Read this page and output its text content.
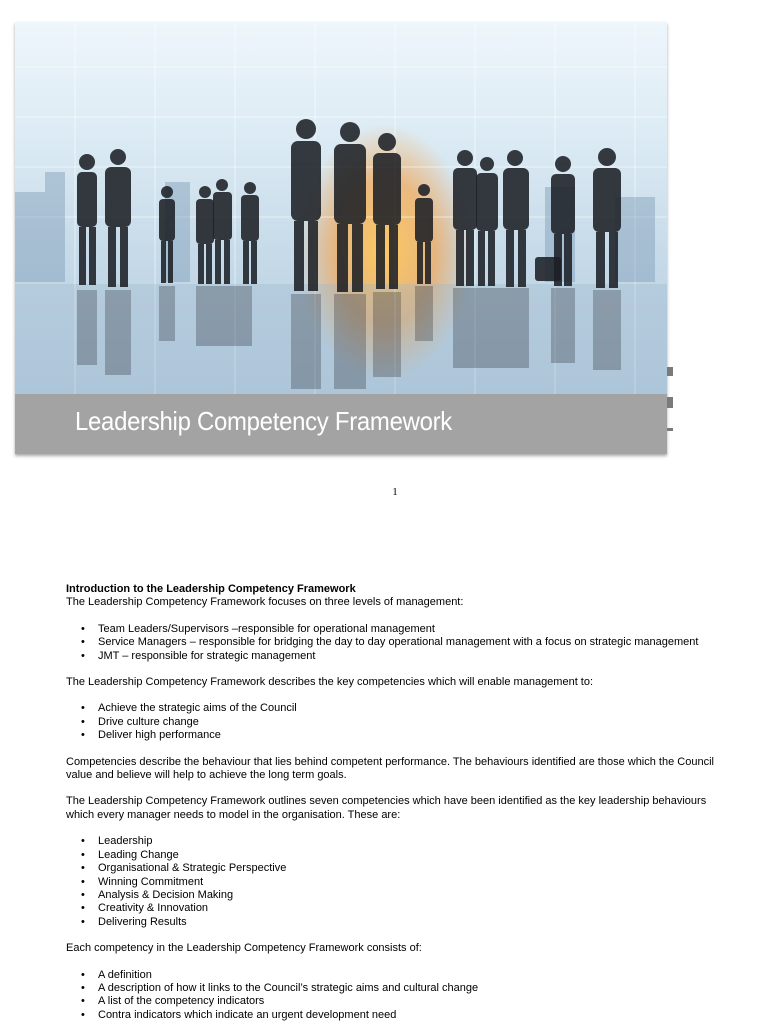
Leadership Competency Framework
1

Introduction to the Leadership Competency Framework

The Leadership Competency Framework focuses on three levels of management:

• Team Leaders/Supervisors –responsible for operational management
• Service Managers – responsible for bridging the day to day operational management with a focus on strategic management
• JMT – responsible for strategic management

The Leadership Competency Framework describes the key competencies which will enable management to:

• Achieve the strategic aims of the Council
• Drive culture change
• Deliver high performance

Competencies describe the behaviour that lies behind competent performance. The behaviours identified are those which the Council

value and believe will help to achieve the long term goals.

The Leadership Competency Framework outlines seven competencies which have been identified as the key leadership behaviours

which every manager needs to model in the organisation. These are:

• Leadership
• Leading Change
• Organisational & Strategic Perspective
• Winning Commitment
• Analysis & Decision Making
• Creativity & Innovation
• Delivering Results

Each competency in the Leadership Competency Framework consists of:

• A definition
• A description of how it links to the Council’s strategic aims and cultural change
• A list of the competency indicators
• Contra indicators which indicate an urgent development need
